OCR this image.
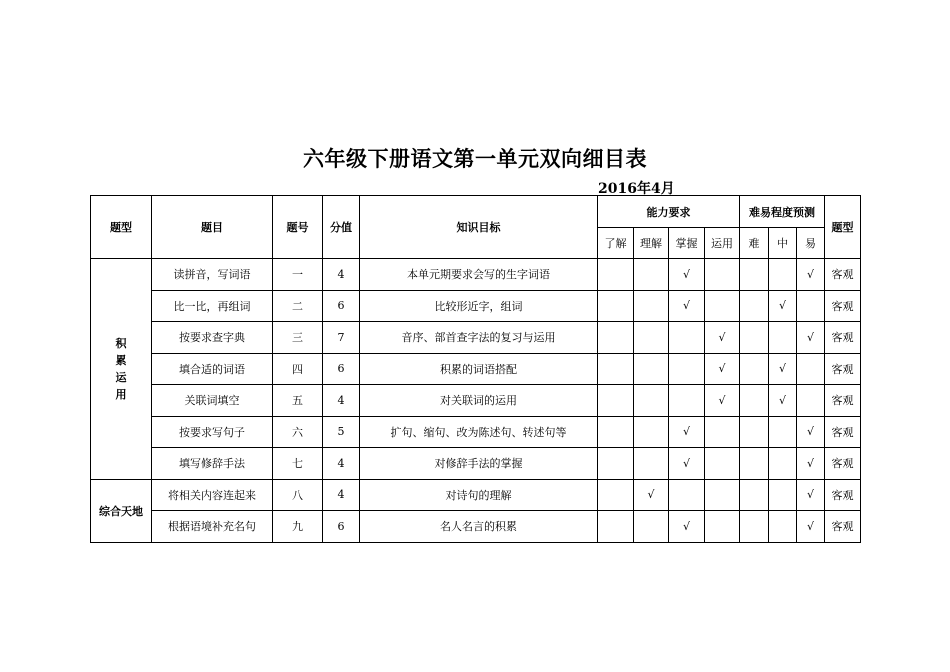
六年级下册语文第一单元双向细目表
2016年4月
题型	题目	题号	分值	知识目标	能力要求				难易程度预测			题型
					了解	理解	掌握	运用	难	中	易	

积
累
运
用	读拼音，写词语	一	4	本单元期要求会写的生字词语			√				√	客观
	比一比，再组词	二	6	比较形近字，组词			√			√		客观
	按要求查字典	三	7	音序、部首查字法的复习与运用				√			√	客观
	填合适的词语	四	6	积累的词语搭配				√		√		客观
	关联词填空	五	4	对关联词的运用				√		√		客观
	按要求写句子	六	5	扩句、缩句、改为陈述句、转述句等			√				√	客观
	填写修辞手法	七	4	对修辞手法的掌握			√				√	客观
综合天地	将相关内容连起来	八	4	对诗句的理解		√					√	客观
	根据语境补充名句	九	6	名人名言的积累			√				√	客观
